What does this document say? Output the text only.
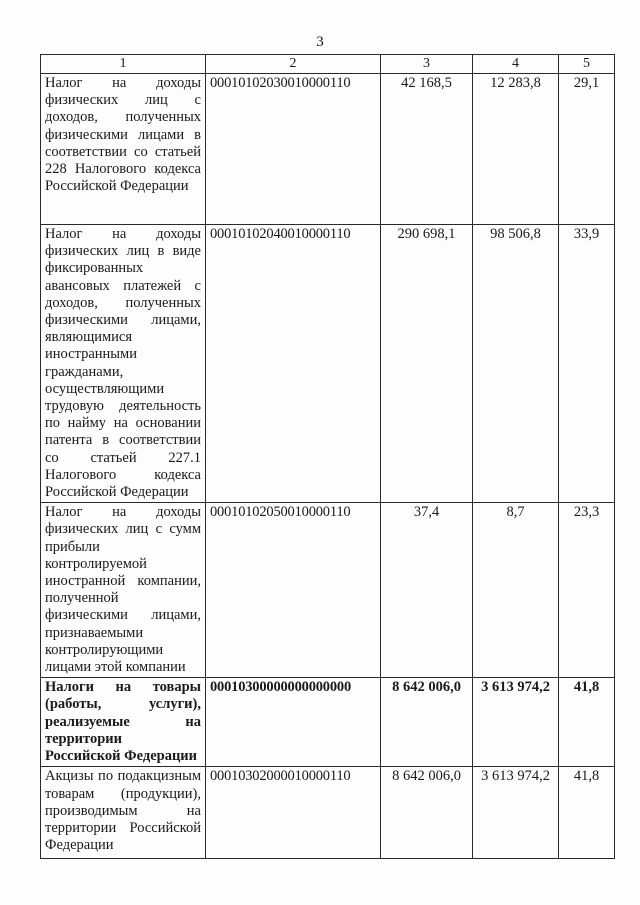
3
1	2	3	4	5
Налог на доходы физических лиц с доходов, полученных физическими лицами в соответствии со статьей 228 Налогового кодекса Российской Федерации	00010102030010000110	42 168,5	12 283,8	29,1
Налог на доходы физических лиц в виде фиксированных авансовых платежей с доходов, полученных физическими лицами, являющимися иностранными гражданами, осуществляющими трудовую деятельность по найму на основании патента в соответствии со статьей 227.1 Налогового кодекса Российской Федерации	00010102040010000110	290 698,1	98 506,8	33,9
Налог на доходы физических лиц с сумм прибыли контролируемой иностранной компании, полученной физическими лицами, признаваемыми контролирующими лицами этой компании	00010102050010000110	37,4	8,7	23,3
Налоги на товары (работы, услуги), реализуемые на территории Российской Федерации	00010300000000000000	8 642 006,0	3 613 974,2	41,8
Акцизы по подакцизным товарам (продукции), производимым на территории Российской Федерации	00010302000010000110	8 642 006,0	3 613 974,2	41,8
